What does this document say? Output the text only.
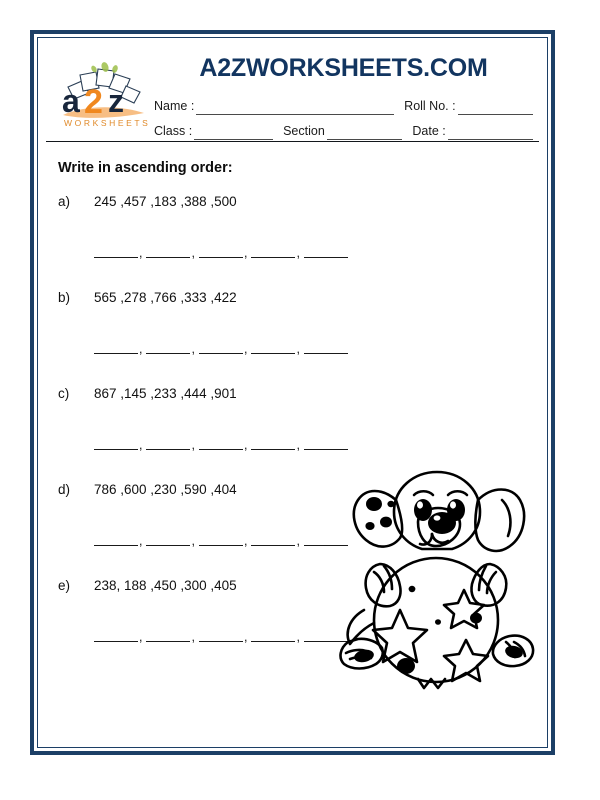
a 2 z
WORKSHEETS
A2ZWORKSHEETS.COM
Name :	Roll No. :
Class :	Section	Date :
Write in ascending order:
a)	245 ,457 ,183 ,388 ,500
,	,	,	,
b)	565 ,278 ,766 ,333 ,422
,	,	,	,
c)	867 ,145 ,233 ,444 ,901
,	,	,	,
d)	786 ,600 ,230 ,590 ,404
,	,	,	,
e)	238, 188 ,450 ,300 ,405
,	,	,	,
